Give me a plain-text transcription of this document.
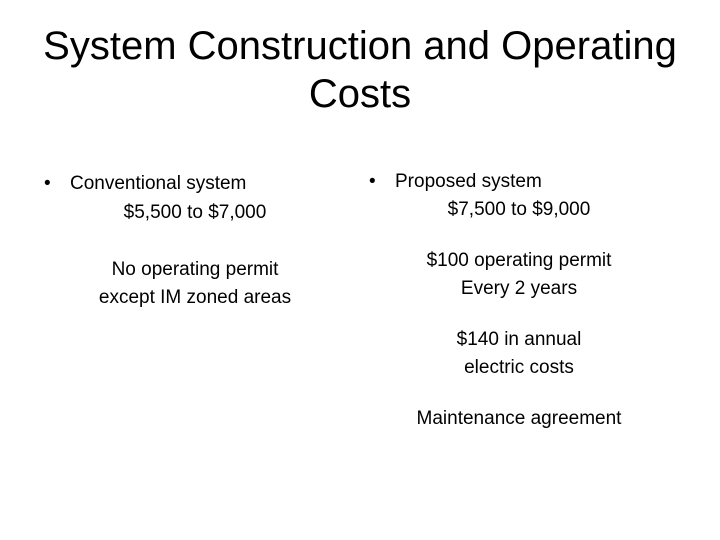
System Construction and Operating
Costs
• Conventional system
$5,500 to $7,000
No operating permit
except IM zoned areas
• Proposed system
$7,500 to $9,000
$100 operating permit
Every 2 years
$140 in annual
electric costs
Maintenance agreement
